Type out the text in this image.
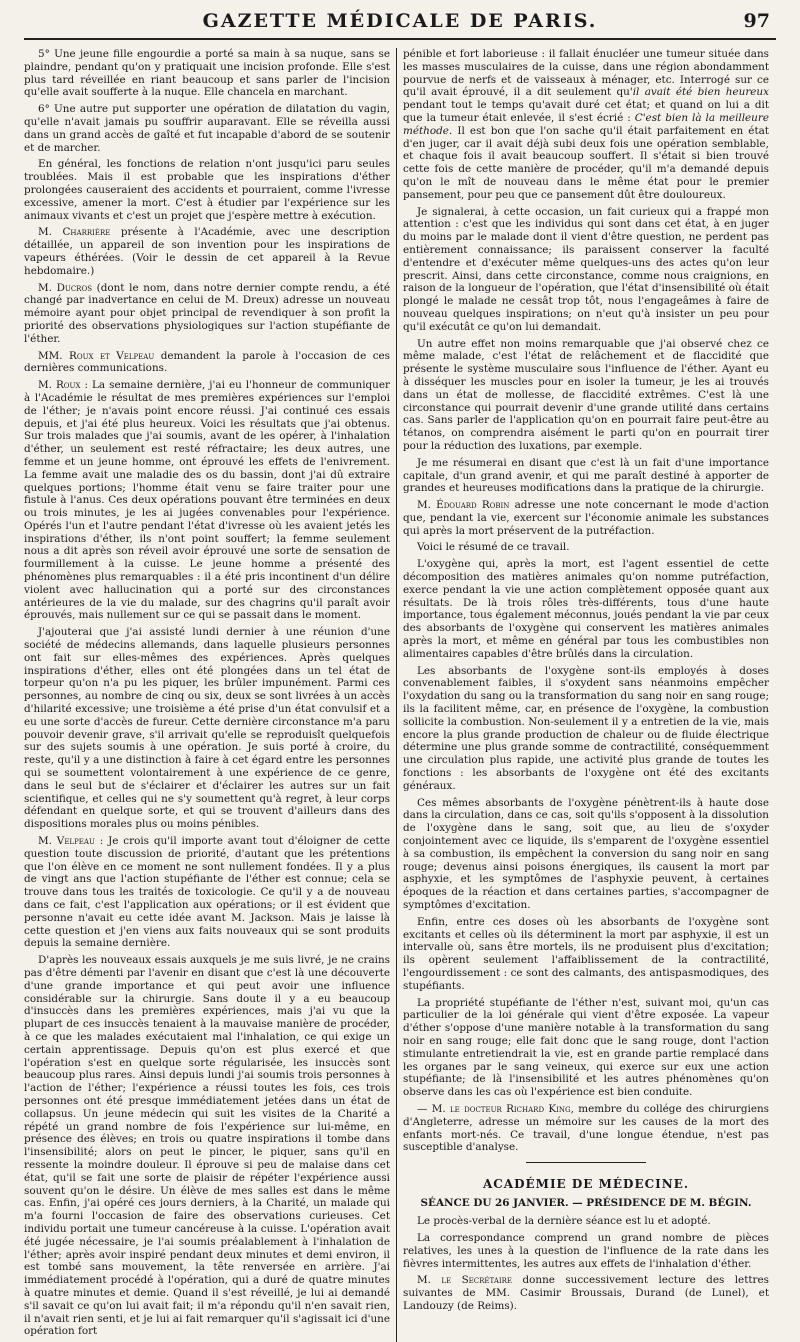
GAZETTE MÉDICALE DE PARIS.	97

5° Une jeune fille engourdie a porté sa main à sa nuque, sans se plaindre, pendant qu'on y pratiquait une incision profonde. Elle s'est plus tard réveillée en riant beaucoup et sans parler de l'incision qu'elle avait soufferte à la nuque. Elle chancela en marchant.

6° Une autre put supporter une opération de dilatation du vagin, qu'elle n'avait jamais pu souffrir auparavant. Elle se réveilla aussi dans un grand accès de gaîté et fut incapable d'abord de se soutenir et de marcher.

En général, les fonctions de relation n'ont jusqu'ici paru seules troublées. Mais il est probable que les inspirations d'éther prolongées causeraient des accidents et pourraient, comme l'ivresse excessive, amener la mort. C'est à étudier par l'expérience sur les animaux vivants et c'est un projet que j'espère mettre à exécution.

M. Charrière présente à l'Académie, avec une description détaillée, un appareil de son invention pour les inspirations de vapeurs éthérées. (Voir le dessin de cet appareil à la Revue hebdomaire.)

M. Ducros (dont le nom, dans notre dernier compte rendu, a été changé par inadvertance en celui de M. Dreux) adresse un nouveau mémoire ayant pour objet principal de revendiquer à son profit la priorité des observations physiologiques sur l'action stupéfiante de l'éther.

MM. Roux et Velpeau demandent la parole à l'occasion de ces dernières communications.

M. Roux : La semaine dernière, j'ai eu l'honneur de communiquer à l'Académie le résultat de mes premières expériences sur l'emploi de l'éther; je n'avais point encore réussi. J'ai continué ces essais depuis, et j'ai été plus heureux. Voici les résultats que j'ai obtenus. Sur trois malades que j'ai soumis, avant de les opérer, à l'inhalation d'éther, un seulement est resté réfractaire; les deux autres, une femme et un jeune homme, ont éprouvé les effets de l'enivrement. La femme avait une maladie des os du bassin, dont j'ai dû extraire quelques portions; l'homme était venu se faire traiter pour une fistule à l'anus. Ces deux opérations pouvant être terminées en deux ou trois minutes, je les ai jugées convenables pour l'expérience. Opérés l'un et l'autre pendant l'état d'ivresse où les avaient jetés les inspirations d'éther, ils n'ont point souffert; la femme seulement nous a dit après son réveil avoir éprouvé une sorte de sensation de fourmillement à la cuisse. Le jeune homme a présenté des phénomènes plus remarquables : il a été pris incontinent d'un délire violent avec hallucination qui a porté sur des circonstances antérieures de la vie du malade, sur des chagrins qu'il paraît avoir éprouvés, mais nullement sur ce qui se passait dans le moment.

J'ajouterai que j'ai assisté lundi dernier à une réunion d'une société de médecins allemands, dans laquelle plusieurs personnes ont fait sur elles-mêmes des expériences. Après quelques inspirations d'éther, elles ont été plongées dans un tel état de torpeur qu'on n'a pu les piquer, les brûler impunément. Parmi ces personnes, au nombre de cinq ou six, deux se sont livrées à un accès d'hilarité excessive; une troisième a été prise d'un état convulsif et a eu une sorte d'accès de fureur. Cette dernière circonstance m'a paru pouvoir devenir grave, s'il arrivait qu'elle se reproduisît quelquefois sur des sujets soumis à une opération. Je suis porté à croire, du reste, qu'il y a une distinction à faire à cet égard entre les personnes qui se soumettent volontairement à une expérience de ce genre, dans le seul but de s'éclairer et d'éclairer les autres sur un fait scientifique, et celles qui ne s'y soumettent qu'à regret, à leur corps défendant en quelque sorte, et qui se trouvent d'ailleurs dans des dispositions morales plus ou moins pénibles.

M. Velpeau : Je crois qu'il importe avant tout d'éloigner de cette question toute discussion de priorité, d'autant que les prétentions que l'on élève en ce moment ne sont nullement fondées. Il y a plus de vingt ans que l'action stupéfiante de l'éther est connue; cela se trouve dans tous les traités de toxicologie. Ce qu'il y a de nouveau dans ce fait, c'est l'application aux opérations; or il est évident que personne n'avait eu cette idée avant M. Jackson. Mais je laisse là cette question et j'en viens aux faits nouveaux qui se sont produits depuis la semaine dernière.

D'après les nouveaux essais auxquels je me suis livré, je ne crains pas d'être démenti par l'avenir en disant que c'est là une découverte d'une grande importance et qui peut avoir une influence considérable sur la chirurgie. Sans doute il y a eu beaucoup d'insuccès dans les premières expériences, mais j'ai vu que la plupart de ces insuccès tenaient à la mauvaise manière de procéder, à ce que les malades exécutaient mal l'inhalation, ce qui exige un certain apprentissage. Depuis qu'on est plus exercé et que l'opération s'est en quelque sorte régularisée, les insuccès sont beaucoup plus rares. Ainsi depuis lundi j'ai soumis trois personnes à l'action de l'éther; l'expérience a réussi toutes les fois, ces trois personnes ont été presque immédiatement jetées dans un état de collapsus. Un jeune médecin qui suit les visites de la Charité a répété un grand nombre de fois l'expérience sur lui-même, en présence des élèves; en trois ou quatre inspirations il tombe dans l'insensibilité; alors on peut le pincer, le piquer, sans qu'il en ressente la moindre douleur. Il éprouve si peu de malaise dans cet état, qu'il se fait une sorte de plaisir de répéter l'expérience aussi souvent qu'on le désire. Un élève de mes salles est dans le même cas. Enfin, j'ai opéré ces jours derniers, à la Charité, un malade qui m'a fourni l'occasion de faire des observations curieuses. Cet individu portait une tumeur cancéreuse à la cuisse. L'opération avait été jugée nécessaire, je l'ai soumis préalablement à l'inhalation de l'éther; après avoir inspiré pendant deux minutes et demi environ, il est tombé sans mouvement, la tête renversée en arrière. J'ai immédiatement procédé à l'opération, qui a duré de quatre minutes à quatre minutes et demie. Quand il s'est réveillé, je lui ai demandé s'il savait ce qu'on lui avait fait; il m'a répondu qu'il n'en savait rien, il n'avait rien senti, et je lui ai fait remarquer qu'il s'agissait ici d'une opération fort

pénible et fort laborieuse : il fallait énucléer une tumeur située dans les masses musculaires de la cuisse, dans une région abondamment pourvue de nerfs et de vaisseaux à ménager, etc. Interrogé sur ce qu'il avait éprouvé, il a dit seulement qu'il avait été bien heureux pendant tout le temps qu'avait duré cet état; et quand on lui a dit que la tumeur était enlevée, il s'est écrié : C'est bien là la meilleure méthode. Il est bon que l'on sache qu'il était parfaitement en état d'en juger, car il avait déjà subi deux fois une opération semblable, et chaque fois il avait beaucoup souffert. Il s'était si bien trouvé cette fois de cette manière de procéder, qu'il m'a demandé depuis qu'on le mît de nouveau dans le même état pour le premier pansement, pour peu que ce pansement dût être douloureux.

Je signalerai, à cette occasion, un fait curieux qui a frappé mon attention : c'est que les individus qui sont dans cet état, à en juger du moins par le malade dont il vient d'être question, ne perdent pas entièrement connaissance; ils paraissent conserver la faculté d'entendre et d'exécuter même quelques-uns des actes qu'on leur prescrit. Ainsi, dans cette circonstance, comme nous craignions, en raison de la longueur de l'opération, que l'état d'insensibilité où était plongé le malade ne cessât trop tôt, nous l'engageâmes à faire de nouveau quelques inspirations; on n'eut qu'à insister un peu pour qu'il exécutât ce qu'on lui demandait.

Un autre effet non moins remarquable que j'ai observé chez ce même malade, c'est l'état de relâchement et de flaccidité que présente le système musculaire sous l'influence de l'éther. Ayant eu à disséquer les muscles pour en isoler la tumeur, je les ai trouvés dans un état de mollesse, de flaccidité extrêmes. C'est là une circonstance qui pourrait devenir d'une grande utilité dans certains cas. Sans parler de l'application qu'on en pourrait faire peut-être au tétanos, on comprendra aisément le parti qu'on en pourrait tirer pour la réduction des luxations, par exemple.

Je me résumerai en disant que c'est là un fait d'une importance capitale, d'un grand avenir, et qui me paraît destiné à apporter de grandes et heureuses modifications dans la pratique de la chirurgie.

M. Édouard Robin adresse une note concernant le mode d'action que, pendant la vie, exercent sur l'économie animale les substances qui après la mort préservent de la putréfaction.

Voici le résumé de ce travail.

L'oxygène qui, après la mort, est l'agent essentiel de cette décomposition des matières animales qu'on nomme putréfaction, exerce pendant la vie une action complètement opposée quant aux résultats. De là trois rôles très-différents, tous d'une haute importance, tous également méconnus, joués pendant la vie par ceux des absorbants de l'oxygène qui conservent les matières animales après la mort, et même en général par tous les combustibles non alimentaires capables d'être brûlés dans la circulation.

Les absorbants de l'oxygène sont-ils employés à doses convenablement faibles, il s'oxydent sans néanmoins empêcher l'oxydation du sang ou la transformation du sang noir en sang rouge; ils la facilitent même, car, en présence de l'oxygène, la combustion sollicite la combustion. Non-seulement il y a entretien de la vie, mais encore la plus grande production de chaleur ou de fluide électrique détermine une plus grande somme de contractilité, conséquemment une circulation plus rapide, une activité plus grande de toutes les fonctions : les absorbants de l'oxygène ont été des excitants généraux.

Ces mêmes absorbants de l'oxygène pénètrent-ils à haute dose dans la circulation, dans ce cas, soit qu'ils s'opposent à la dissolution de l'oxygène dans le sang, soit que, au lieu de s'oxyder conjointement avec ce liquide, ils s'emparent de l'oxygène essentiel à sa combustion, ils empêchent la conversion du sang noir en sang rouge; devenus ainsi poisons énergiques, ils causent la mort par asphyxie, et les symptômes de l'asphyxie peuvent, à certaines époques de la réaction et dans certaines parties, s'accompagner de symptômes d'excitation.

Enfin, entre ces doses où les absorbants de l'oxygène sont excitants et celles où ils déterminent la mort par asphyxie, il est un intervalle où, sans être mortels, ils ne produisent plus d'excitation; ils opèrent seulement l'affaiblissement de la contractilité, l'engourdissement : ce sont des calmants, des antispasmodiques, des stupéfiants.

La propriété stupéfiante de l'éther n'est, suivant moi, qu'un cas particulier de la loi générale qui vient d'être exposée. La vapeur d'éther s'oppose d'une manière notable à la transformation du sang noir en sang rouge; elle fait donc que le sang rouge, dont l'action stimulante entretiendrait la vie, est en grande partie remplacé dans les organes par le sang veineux, qui exerce sur eux une action stupéfiante; de là l'insensibilité et les autres phénomènes qu'on observe dans les cas où l'expérience est bien conduite.

— M. le docteur Richard King, membre du collége des chirurgiens d'Angleterre, adresse un mémoire sur les causes de la mort des enfants mort-nés. Ce travail, d'une longue étendue, n'est pas susceptible d'analyse.

ACADÉMIE DE MÉDECINE.
SÉANCE DU 26 JANVIER. — PRÉSIDENCE DE M. BÉGIN.

Le procès-verbal de la dernière séance est lu et adopté.

La correspondance comprend un grand nombre de pièces relatives, les unes à la question de l'influence de la rate dans les fièvres intermittentes, les autres aux effets de l'inhalation d'éther.

M. le Secrétaire donne successivement lecture des lettres suivantes de MM. Casimir Broussais, Durand (de Lunel), et Landouzy (de Reims).
